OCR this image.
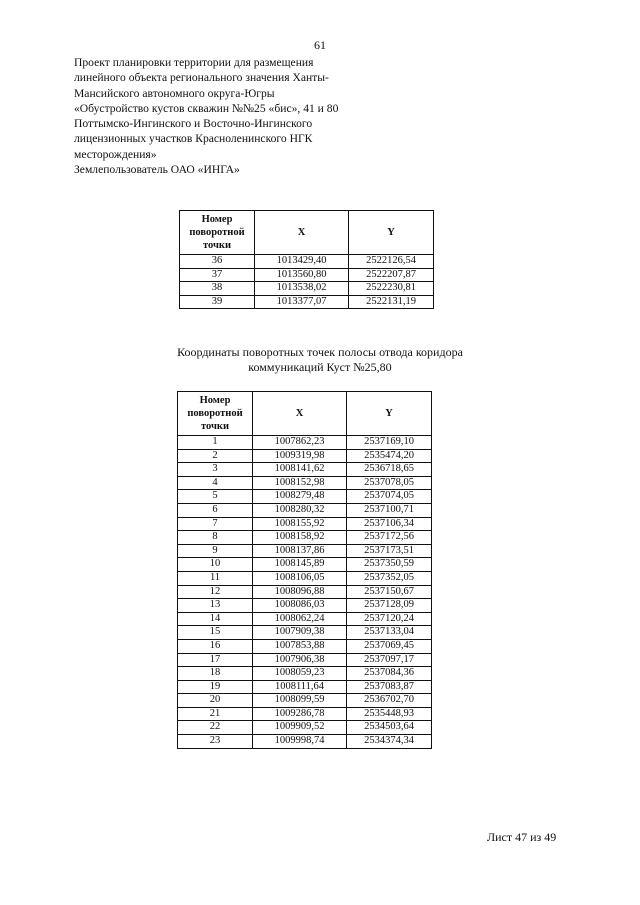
61
Проект планировки территории для размещения
линейного объекта регионального значения Ханты-
Мансийского автономного округа-Югры
«Обустройство кустов скважин №№25 «бис», 41 и 80
Поттымско-Ингинского и Восточно-Ингинского
лицензионных участков Красноленинского НГК
месторождения»
Землепользователь ОАО «ИНГА»
Номер поворотной точки	X	Y
36	1013429,40	2522126,54
37	1013560,80	2522207,87
38	1013538,02	2522230,81
39	1013377,07	2522131,19
Координаты поворотных точек полосы отвода коридора
коммуникаций Куст №25,80
Номер поворотной точки	X	Y
1	1007862,23	2537169,10
2	1009319,98	2535474,20
3	1008141,62	2536718,65
4	1008152,98	2537078,05
5	1008279,48	2537074,05
6	1008280,32	2537100,71
7	1008155,92	2537106,34
8	1008158,92	2537172,56
9	1008137,86	2537173,51
10	1008145,89	2537350,59
11	1008106,05	2537352,05
12	1008096,88	2537150,67
13	1008086,03	2537128,09
14	1008062,24	2537120,24
15	1007909,38	2537133,04
16	1007853,88	2537069,45
17	1007906,38	2537097,17
18	1008059,23	2537084,36
19	1008111,64	2537083,87
20	1008099,59	2536702,70
21	1009286,78	2535448,93
22	1009909,52	2534503,64
23	1009998,74	2534374,34
Лист 47 из 49
